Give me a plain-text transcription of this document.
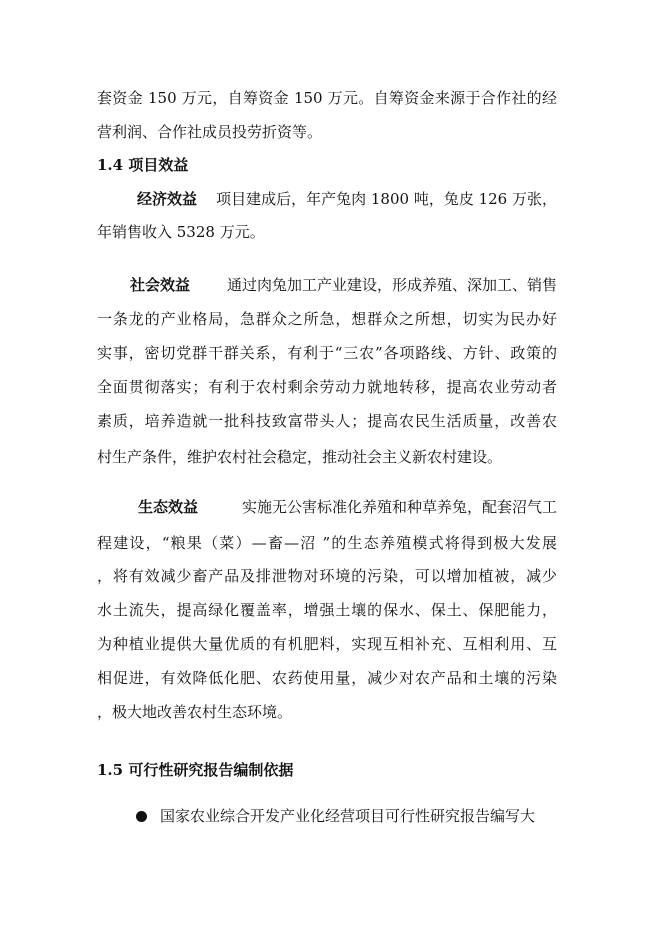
套资金 150 万元，自筹资金 150 万元。自筹资金来源于合作社的经
营利润、合作社成员投劳折资等。
1.4 项目效益
经济效益 项目建成后，年产兔肉 1800 吨，兔皮 126 万张，
年销售收入 5328 万元。
社会效益 通过肉兔加工产业建设，形成养殖、深加工、销售
一条龙的产业格局，急群众之所急，想群众之所想，切实为民办好
实事，密切党群干群关系，有利于“三农”各项路线、方针、政策的
全面贯彻落实；有利于农村剩余劳动力就地转移，提高农业劳动者
素质，培养造就一批科技致富带头人；提高农民生活质量，改善农
村生产条件，维护农村社会稳定，推动社会主义新农村建设。
生态效益	实施无公害标准化养殖和种草养兔，配套沼气工
程建设，“粮果（菜）—畜—沼 ”的生态养殖模式将得到极大发展
，将有效减少畜产品及排泄物对环境的污染，可以增加植被，减少
水土流失，提高绿化覆盖率，增强土壤的保水、保土、保肥能力，
为种植业提供大量优质的有机肥料，实现互相补充、互相利用、互
相促进，有效降低化肥、农药使用量，减少对农产品和土壤的污染
，极大地改善农村生态环境。
1.5 可行性研究报告编制依据
国家农业综合开发产业化经营项目可行性研究报告编写大
